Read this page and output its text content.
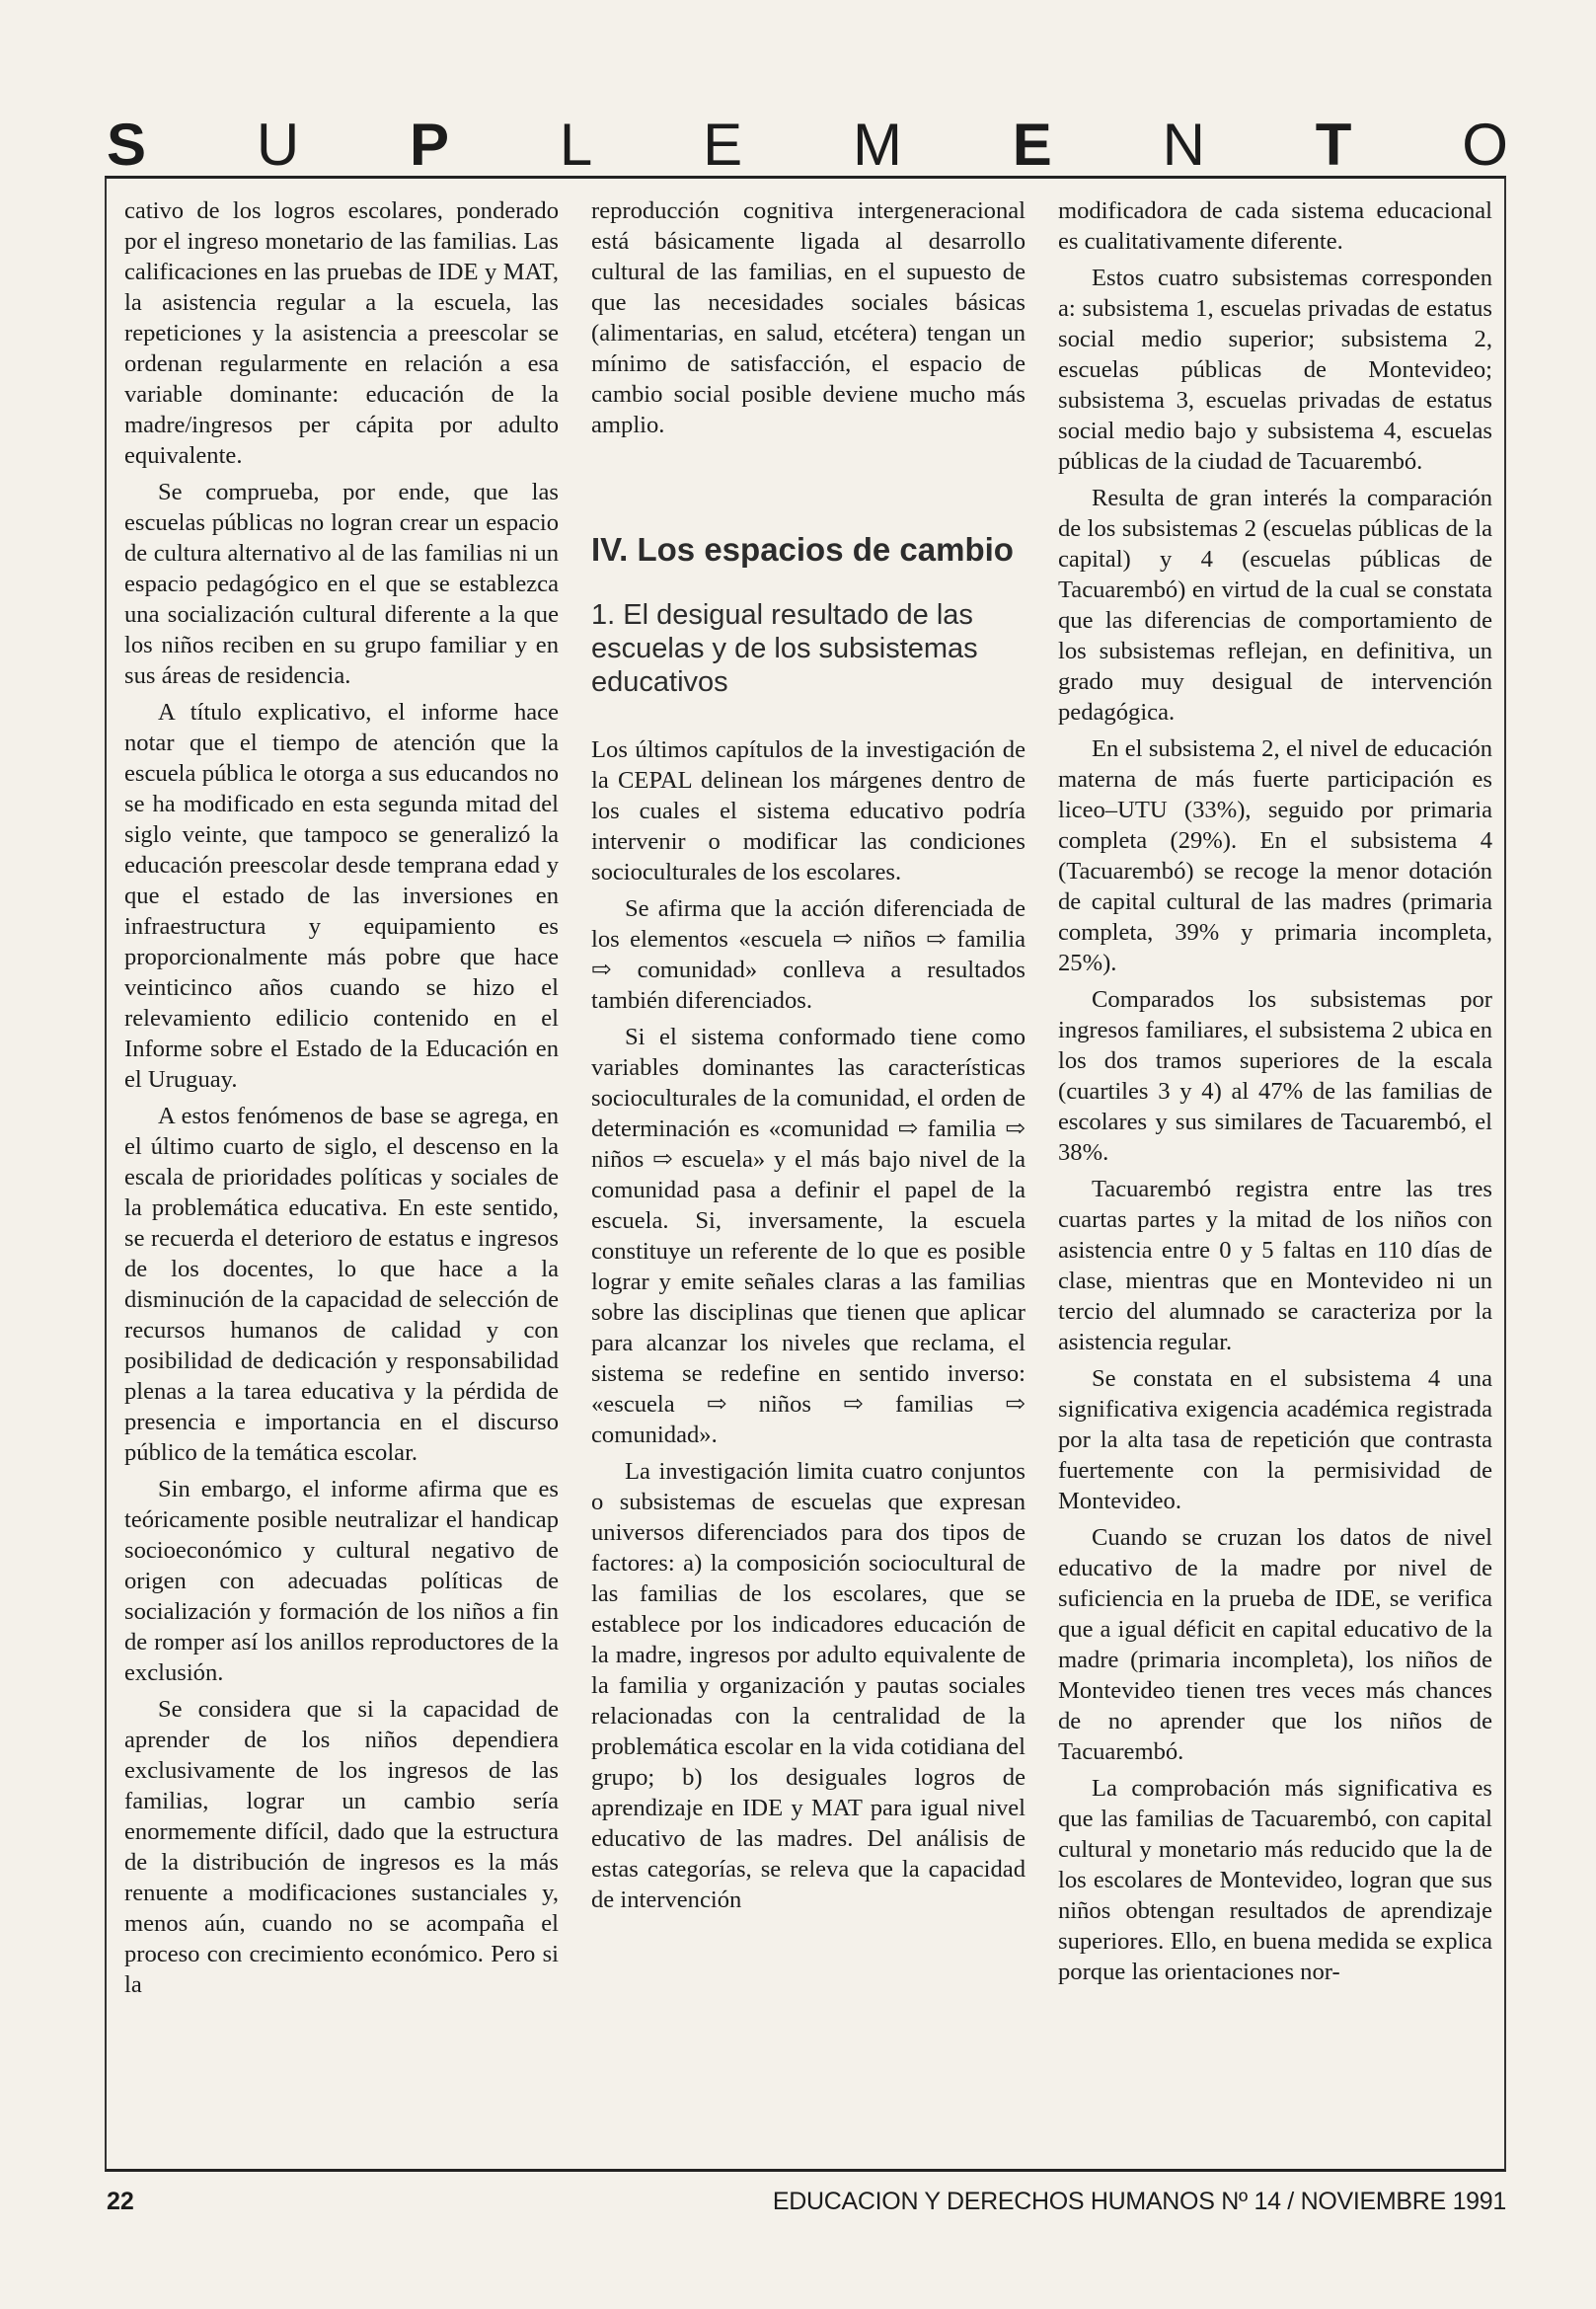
S U P L E M E N T O

cativo de los logros escolares, ponderado por el ingreso monetario de las familias. Las calificaciones en las pruebas de IDE y MAT, la asistencia regular a la escuela, las repeticiones y la asistencia a preescolar se ordenan regularmente en relación a esa variable dominante: educación de la madre/ingresos per cápita por adulto equivalente.

Se comprueba, por ende, que las escuelas públicas no logran crear un espacio de cultura alternativo al de las familias ni un espacio pedagógico en el que se establezca una socialización cultural diferente a la que los niños reciben en su grupo familiar y en sus áreas de residencia.

A título explicativo, el informe hace notar que el tiempo de atención que la escuela pública le otorga a sus educandos no se ha modificado en esta segunda mitad del siglo veinte, que tampoco se generalizó la educación preescolar desde temprana edad y que el estado de las inversiones en infraestructura y equipamiento es proporcionalmente más pobre que hace veinticinco años cuando se hizo el relevamiento edilicio contenido en el Informe sobre el Estado de la Educación en el Uruguay.

A estos fenómenos de base se agrega, en el último cuarto de siglo, el descenso en la escala de prioridades políticas y sociales de la problemática educativa. En este sentido, se recuerda el deterioro de estatus e ingresos de los docentes, lo que hace a la disminución de la capacidad de selección de recursos humanos de calidad y con posibilidad de dedicación y responsabilidad plenas a la tarea educativa y la pérdida de presencia e importancia en el discurso público de la temática escolar.

Sin embargo, el informe afirma que es teóricamente posible neutralizar el handicap socioeconómico y cultural negativo de origen con adecuadas políticas de socialización y formación de los niños a fin de romper así los anillos reproductores de la exclusión.

Se considera que si la capacidad de aprender de los niños dependiera exclusivamente de los ingresos de las familias, lograr un cambio sería enormemente difícil, dado que la estructura de la distribución de ingresos es la más renuente a modificaciones sustanciales y, menos aún, cuando no se acompaña el proceso con crecimiento económico. Pero si la

reproducción cognitiva intergeneracional está básicamente ligada al desarrollo cultural de las familias, en el supuesto de que las necesidades sociales básicas (alimentarias, en salud, etcétera) tengan un mínimo de satisfacción, el espacio de cambio social posible deviene mucho más amplio.

IV. Los espacios de cambio
1. El desigual resultado de las escuelas y de los subsistemas educativos

Los últimos capítulos de la investigación de la CEPAL delinean los márgenes dentro de los cuales el sistema educativo podría intervenir o modificar las condiciones socioculturales de los escolares.

Se afirma que la acción diferenciada de los elementos «escuela ⇨ niños ⇨ familia ⇨ comunidad» conlleva a resultados también diferenciados.

Si el sistema conformado tiene como variables dominantes las características socioculturales de la comunidad, el orden de determinación es «comunidad ⇨ familia ⇨ niños ⇨ escuela» y el más bajo nivel de la comunidad pasa a definir el papel de la escuela. Si, inversamente, la escuela constituye un referente de lo que es posible lograr y emite señales claras a las familias sobre las disciplinas que tienen que aplicar para alcanzar los niveles que reclama, el sistema se redefine en sentido inverso: «escuela ⇨ niños ⇨ familias ⇨ comunidad».

La investigación limita cuatro conjuntos o subsistemas de escuelas que expresan universos diferenciados para dos tipos de factores: a) la composición sociocultural de las familias de los escolares, que se establece por los indicadores educación de la madre, ingresos por adulto equivalente de la familia y organización y pautas sociales relacionadas con la centralidad de la problemática escolar en la vida cotidiana del grupo; b) los desiguales logros de aprendizaje en IDE y MAT para igual nivel educativo de las madres. Del análisis de estas categorías, se releva que la capacidad de intervención

modificadora de cada sistema educacional es cualitativamente diferente.

Estos cuatro subsistemas corresponden a: subsistema 1, escuelas privadas de estatus social medio superior; subsistema 2, escuelas públicas de Montevideo; subsistema 3, escuelas privadas de estatus social medio bajo y subsistema 4, escuelas públicas de la ciudad de Tacuarembó.

Resulta de gran interés la comparación de los subsistemas 2 (escuelas públicas de la capital) y 4 (escuelas públicas de Tacuarembó) en virtud de la cual se constata que las diferencias de comportamiento de los subsistemas reflejan, en definitiva, un grado muy desigual de intervención pedagógica.

En el subsistema 2, el nivel de educación materna de más fuerte participación es liceo–UTU (33%), seguido por primaria completa (29%). En el subsistema 4 (Tacuarembó) se recoge la menor dotación de capital cultural de las madres (primaria completa, 39% y primaria incompleta, 25%).

Comparados los subsistemas por ingresos familiares, el subsistema 2 ubica en los dos tramos superiores de la escala (cuartiles 3 y 4) al 47% de las familias de escolares y sus similares de Tacuarembó, el 38%.

Tacuarembó registra entre las tres cuartas partes y la mitad de los niños con asistencia entre 0 y 5 faltas en 110 días de clase, mientras que en Montevideo ni un tercio del alumnado se caracteriza por la asistencia regular.

Se constata en el subsistema 4 una significativa exigencia académica registrada por la alta tasa de repetición que contrasta fuertemente con la permisividad de Montevideo.

Cuando se cruzan los datos de nivel educativo de la madre por nivel de suficiencia en la prueba de IDE, se verifica que a igual déficit en capital educativo de la madre (primaria incompleta), los niños de Montevideo tienen tres veces más chances de no aprender que los niños de Tacuarembó.

La comprobación más significativa es que las familias de Tacuarembó, con capital cultural y monetario más reducido que la de los escolares de Montevideo, logran que sus niños obtengan resultados de aprendizaje superiores. Ello, en buena medida se explica porque las orientaciones nor-

22	EDUCACION Y DERECHOS HUMANOS Nº 14 / NOVIEMBRE 1991
